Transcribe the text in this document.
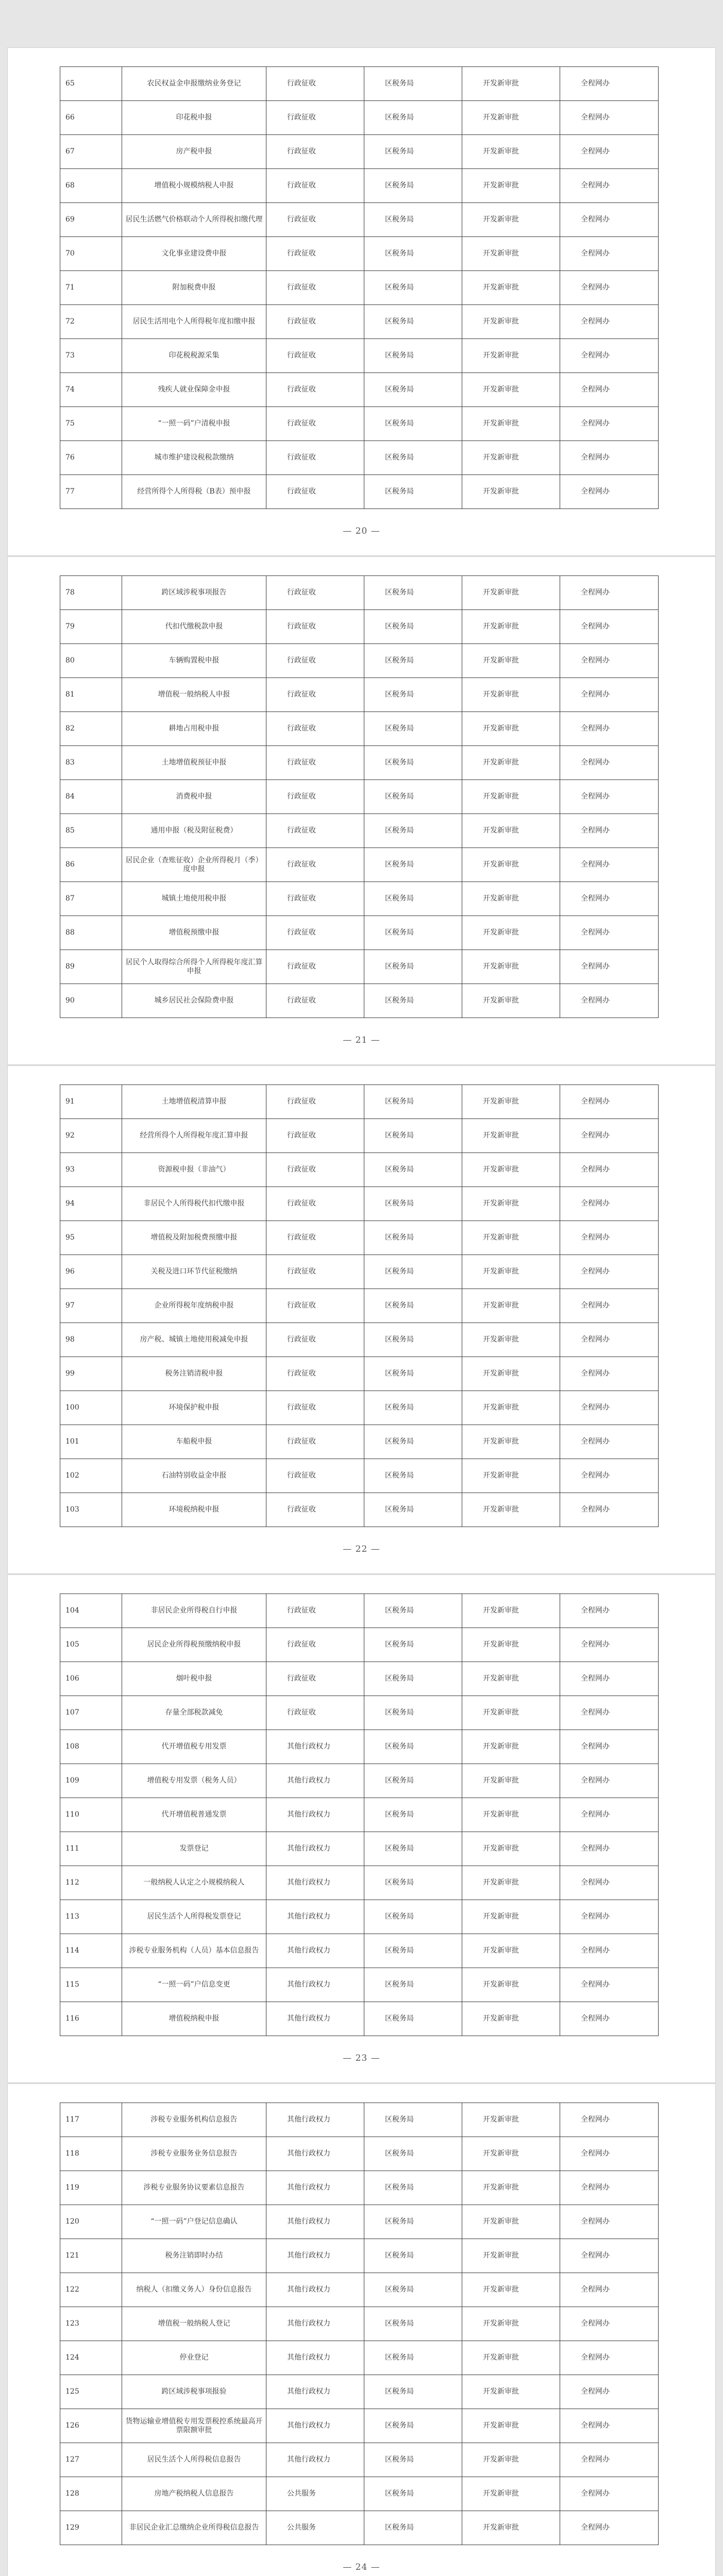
65	农民权益金申报缴纳业务登记	行政征收	区税务局	开发新审批	全程网办
66	印花税申报	行政征收	区税务局	开发新审批	全程网办
67	房产税申报	行政征收	区税务局	开发新审批	全程网办
68	增值税小规模纳税人申报	行政征收	区税务局	开发新审批	全程网办
69	居民生活燃气价格联动个人所得税扣缴代理	行政征收	区税务局	开发新审批	全程网办
70	文化事业建设费申报	行政征收	区税务局	开发新审批	全程网办
71	附加税费申报	行政征收	区税务局	开发新审批	全程网办
72	居民生活用电个人所得税年度扣缴申报	行政征收	区税务局	开发新审批	全程网办
73	印花税税源采集	行政征收	区税务局	开发新审批	全程网办
74	残疾人就业保障金申报	行政征收	区税务局	开发新审批	全程网办
75	“一照一码”户清税申报	行政征收	区税务局	开发新审批	全程网办
76	城市维护建设税税款缴纳	行政征收	区税务局	开发新审批	全程网办
77	经营所得个人所得税（B表）预申报	行政征收	区税务局	开发新审批	全程网办
— 20 —
78	跨区域涉税事项报告	行政征收	区税务局	开发新审批	全程网办
79	代扣代缴税款申报	行政征收	区税务局	开发新审批	全程网办
80	车辆购置税申报	行政征收	区税务局	开发新审批	全程网办
81	增值税一般纳税人申报	行政征收	区税务局	开发新审批	全程网办
82	耕地占用税申报	行政征收	区税务局	开发新审批	全程网办
83	土地增值税预征申报	行政征收	区税务局	开发新审批	全程网办
84	消费税申报	行政征收	区税务局	开发新审批	全程网办
85	通用申报（税及附征税费）	行政征收	区税务局	开发新审批	全程网办
86	居民企业（查账征收）企业所得税月（季）度申报	行政征收	区税务局	开发新审批	全程网办
87	城镇土地使用税申报	行政征收	区税务局	开发新审批	全程网办
88	增值税预缴申报	行政征收	区税务局	开发新审批	全程网办
89	居民个人取得综合所得个人所得税年度汇算申报	行政征收	区税务局	开发新审批	全程网办
90	城乡居民社会保险费申报	行政征收	区税务局	开发新审批	全程网办
— 21 —
91	土地增值税清算申报	行政征收	区税务局	开发新审批	全程网办
92	经营所得个人所得税年度汇算申报	行政征收	区税务局	开发新审批	全程网办
93	资源税申报（非油气）	行政征收	区税务局	开发新审批	全程网办
94	非居民个人所得税代扣代缴申报	行政征收	区税务局	开发新审批	全程网办
95	增值税及附加税费预缴申报	行政征收	区税务局	开发新审批	全程网办
96	关税及进口环节代征税缴纳	行政征收	区税务局	开发新审批	全程网办
97	企业所得税年度纳税申报	行政征收	区税务局	开发新审批	全程网办
98	房产税、城镇土地使用税减免申报	行政征收	区税务局	开发新审批	全程网办
99	税务注销清税申报	行政征收	区税务局	开发新审批	全程网办
100	环境保护税申报	行政征收	区税务局	开发新审批	全程网办
101	车船税申报	行政征收	区税务局	开发新审批	全程网办
102	石油特别收益金申报	行政征收	区税务局	开发新审批	全程网办
103	环境税纳税申报	行政征收	区税务局	开发新审批	全程网办
— 22 —
104	非居民企业所得税自行申报	行政征收	区税务局	开发新审批	全程网办
105	居民企业所得税预缴纳税申报	行政征收	区税务局	开发新审批	全程网办
106	烟叶税申报	行政征收	区税务局	开发新审批	全程网办
107	存量全部税款减免	行政征收	区税务局	开发新审批	全程网办
108	代开增值税专用发票	其他行政权力	区税务局	开发新审批	全程网办
109	增值税专用发票（税务人员）	其他行政权力	区税务局	开发新审批	全程网办
110	代开增值税普通发票	其他行政权力	区税务局	开发新审批	全程网办
111	发票登记	其他行政权力	区税务局	开发新审批	全程网办
112	一般纳税人认定之小规模纳税人	其他行政权力	区税务局	开发新审批	全程网办
113	居民生活个人所得税发票登记	其他行政权力	区税务局	开发新审批	全程网办
114	涉税专业服务机构（人员）基本信息报告	其他行政权力	区税务局	开发新审批	全程网办
115	“一照一码”户信息变更	其他行政权力	区税务局	开发新审批	全程网办
116	增值税纳税申报	其他行政权力	区税务局	开发新审批	全程网办
— 23 —
117	涉税专业服务机构信息报告	其他行政权力	区税务局	开发新审批	全程网办
118	涉税专业服务业务信息报告	其他行政权力	区税务局	开发新审批	全程网办
119	涉税专业服务协议要素信息报告	其他行政权力	区税务局	开发新审批	全程网办
120	“一照一码”户登记信息确认	其他行政权力	区税务局	开发新审批	全程网办
121	税务注销即时办结	其他行政权力	区税务局	开发新审批	全程网办
122	纳税人（扣缴义务人）身份信息报告	其他行政权力	区税务局	开发新审批	全程网办
123	增值税一般纳税人登记	其他行政权力	区税务局	开发新审批	全程网办
124	停业登记	其他行政权力	区税务局	开发新审批	全程网办
125	跨区域涉税事项报验	其他行政权力	区税务局	开发新审批	全程网办
126	货物运输业增值税专用发票税控系统最高开票限额审批	其他行政权力	区税务局	开发新审批	全程网办
127	居民生活个人所得税信息报告	其他行政权力	区税务局	开发新审批	全程网办
128	房地产税纳税人信息报告	公共服务	区税务局	开发新审批	全程网办
129	非居民企业汇总缴纳企业所得税信息报告	公共服务	区税务局	开发新审批	全程网办
— 24 —
